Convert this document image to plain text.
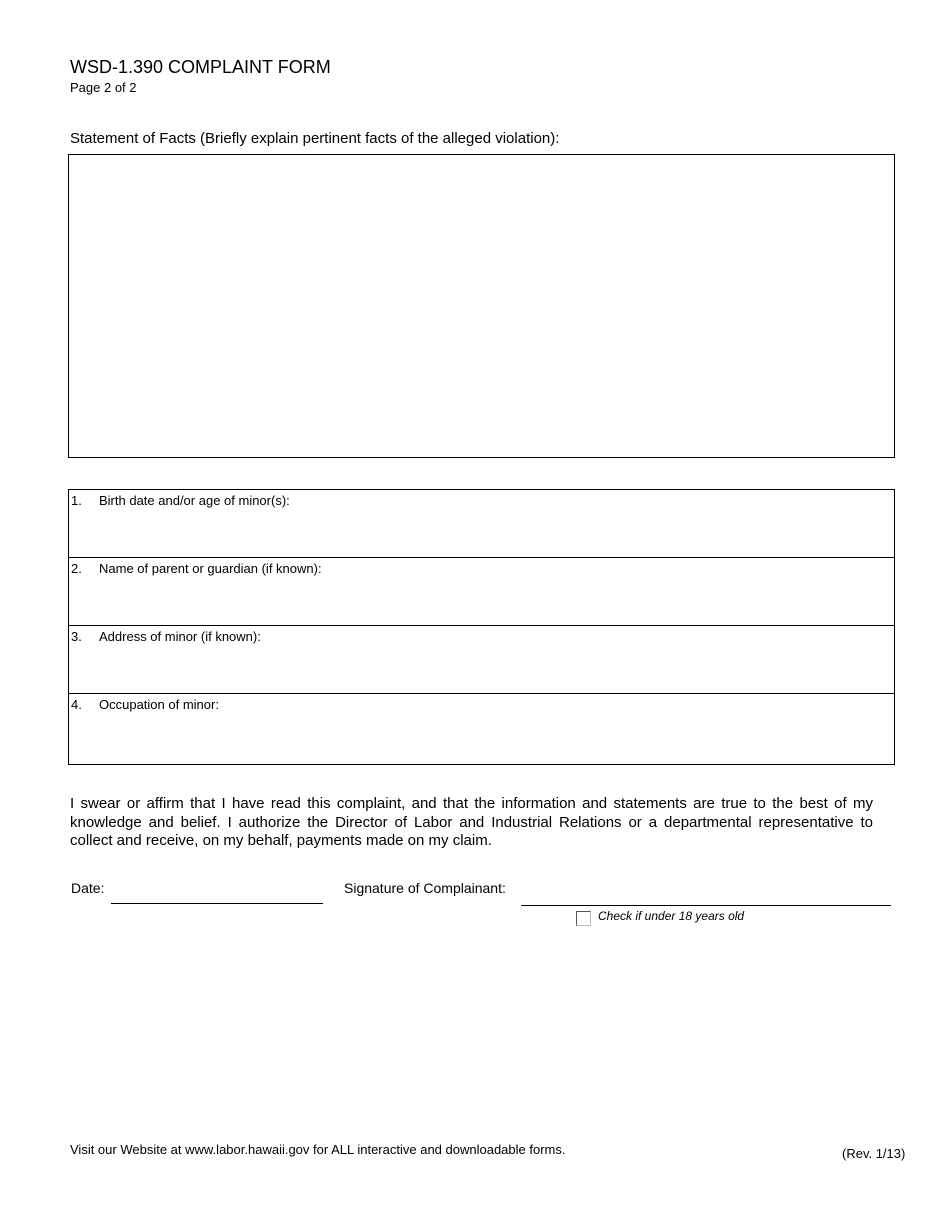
WSD-1.390 COMPLAINT FORM
Page 2 of 2
Statement of Facts (Briefly explain pertinent facts of the alleged violation):
1. Birth date and/or age of minor(s):
2. Name of parent or guardian (if known):
3. Address of minor (if known):
4. Occupation of minor:
I swear or affirm that I have read this complaint, and that the information and statements are true to the best of my knowledge and belief. I authorize the Director of Labor and Industrial Relations or a departmental representative to collect and receive, on my behalf, payments made on my claim.
Date:	Signature of Complainant:
Check if under 18 years old
Visit our Website at www.labor.hawaii.gov for ALL interactive and downloadable forms.	(Rev. 1/13)
